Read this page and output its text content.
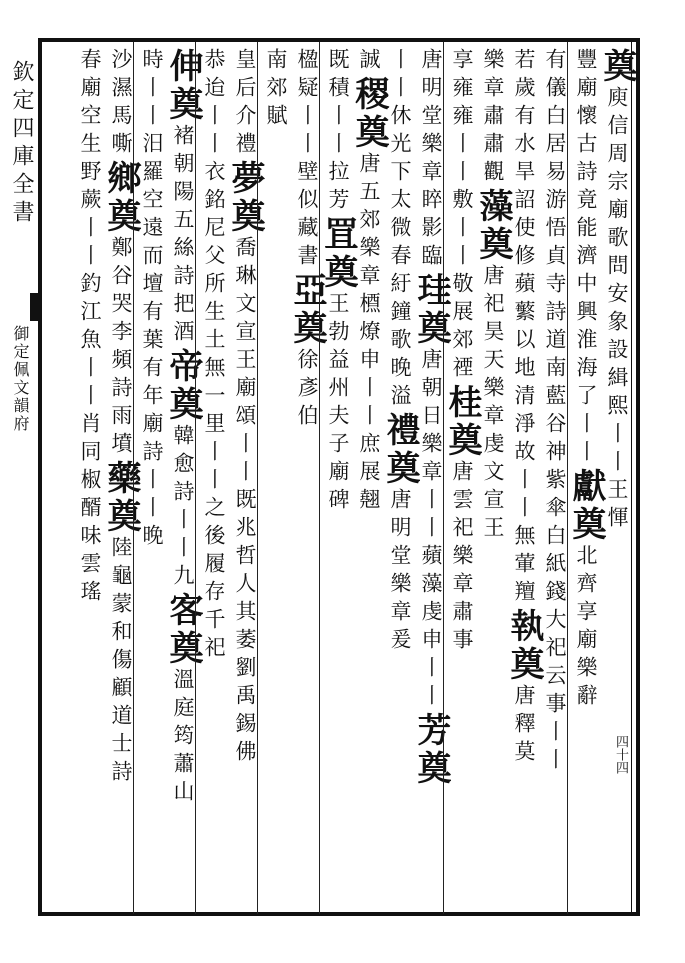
欽定四庫全書
御定佩文韻府
四十四
奠庾信周宗廟歌問安象設緝熙丨丨王惲
豐廟懷古詩竟能濟中興淮海了丨丨獻奠北齊享廟樂辭
有儀白居易游悟貞寺詩道南藍谷神紫傘白紙錢大祀云事丨丨
若歲有水旱詔使修蘋蘩以地清淨故丨丨無葷羶執奠唐釋莫
樂章肅肅觀藻奠唐祀昊天樂章虔文宣王
享雍雍丨丨敷丨丨敬展郊禋桂奠唐雲祀樂章肅事
唐明堂樂章睟影臨珪奠唐朝日樂章丨丨蘋藻虔申丨丨芳奠
丨丨休光下太微春紆鐘歌晚溢禮奠唐明堂樂章爰
誠稷奠唐五郊樂章槱燎申丨丨庶展翹
既積丨丨拉芳罝奠王勃益州夫子廟碑
楹疑丨丨壁似藏書亞奠徐彥伯
南郊賦
皇后介禮夢奠喬琳文宣王廟頌丨丨既兆哲人其萎劉禹錫佛
恭迨丨丨衣銘尼父所生土無一里丨丨之後履存千祀
伸奠褚朝陽五絲詩把酒帝奠韓愈詩丨丨九客奠溫庭筠蕭山
時丨丨汨羅空遠而壇有葉有年廟詩丨丨晚
沙濕馬嘶鄉奠鄭谷哭李頻詩雨墳藥奠陸龜蒙和傷顧道士詩
春廟空生野蕨丨丨釣江魚丨丨肖同椒醑味雲瑤
